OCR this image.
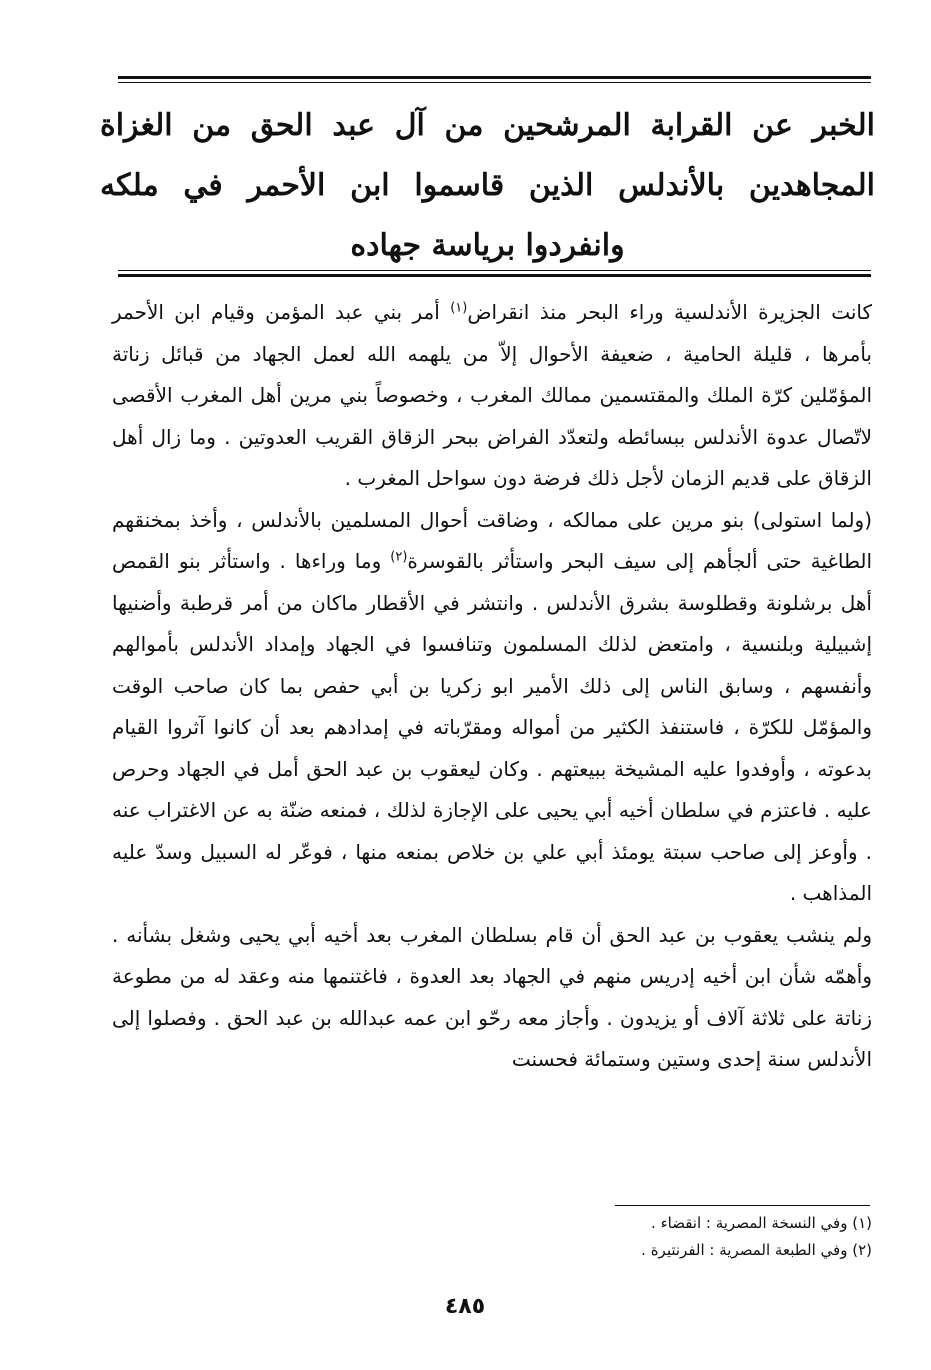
الخبر عن القرابة المرشحين من آل عبد الحق من الغزاة المجاهدين بالأندلس الذين قاسموا ابن الأحمر في ملكه وانفردوا برياسة جهاده

كانت الجزيرة الأندلسية وراء البحر منذ انقراض$^{(١)}$ أمر بني عبد المؤمن وقيام ابن الأحمر بأمرها ، قليلة الحامية ، ضعيفة الأحوال إلاّ من يلهمه الله لعمل الجهاد من قبائل زناتة المؤمّلين كرّة الملك والمقتسمين ممالك المغرب ، وخصوصاً بني مرين أهل المغرب الأقصى لاتّصال عدوة الأندلس ببسائطه ولتعدّد الفراض ببحر الزقاق القريب العدوتين . وما زال أهل الزقاق على قديم الزمان لأجل ذلك فرضة دون سواحل المغرب .

(ولما استولى) بنو مرين على ممالكه ، وضاقت أحوال المسلمين بالأندلس ، وأخذ بمخنقهم الطاغية حتى ألجأهم إلى سيف البحر واستأثر بالقوسرة$^{(٢)}$ وما وراءها . واستأثر بنو القمص أهل برشلونة وقطلوسة بشرق الأندلس . وانتشر في الأقطار ماكان من أمر قرطبة وأضنيها إشبيلية وبلنسية ، وامتعض لذلك المسلمون وتنافسوا في الجهاد وإمداد الأندلس بأموالهم وأنفسهم ، وسابق الناس إلى ذلك الأمير ابو زكريا بن أبي حفص بما كان صاحب الوقت والمؤمّل للكرّة ، فاستنفذ الكثير من أمواله ومقرّباته في إمدادهم بعد أن كانوا آثروا القيام بدعوته ، وأوفدوا عليه المشيخة ببيعتهم . وكان ليعقوب بن عبد الحق أمل في الجهاد وحرص عليه . فاعتزم في سلطان أخيه أبي يحيى على الإجازة لذلك ، فمنعه ضنّة به عن الاغتراب عنه . وأوعز إلى صاحب سبتة يومئذ أبي علي بن خلاص بمنعه منها ، فوعّر له السبيل وسدّ عليه المذاهب .

ولم ينشب يعقوب بن عبد الحق أن قام بسلطان المغرب بعد أخيه أبي يحيى وشغل بشأنه . وأهمّه شأن ابن أخيه إدريس منهم في الجهاد بعد العدوة ، فاغتنمها منه وعقد له من مطوعة زناتة على ثلاثة آلاف أو يزيدون . وأجاز معه رحّو ابن عمه عبدالله بن عبد الحق . وفصلوا إلى الأندلس سنة إحدى وستين وستمائة فحسنت

(١) وفي النسخة المصرية : انقضاء .

(٢) وفي الطبعة المصرية : الفرنتيرة .

٤٨٥
